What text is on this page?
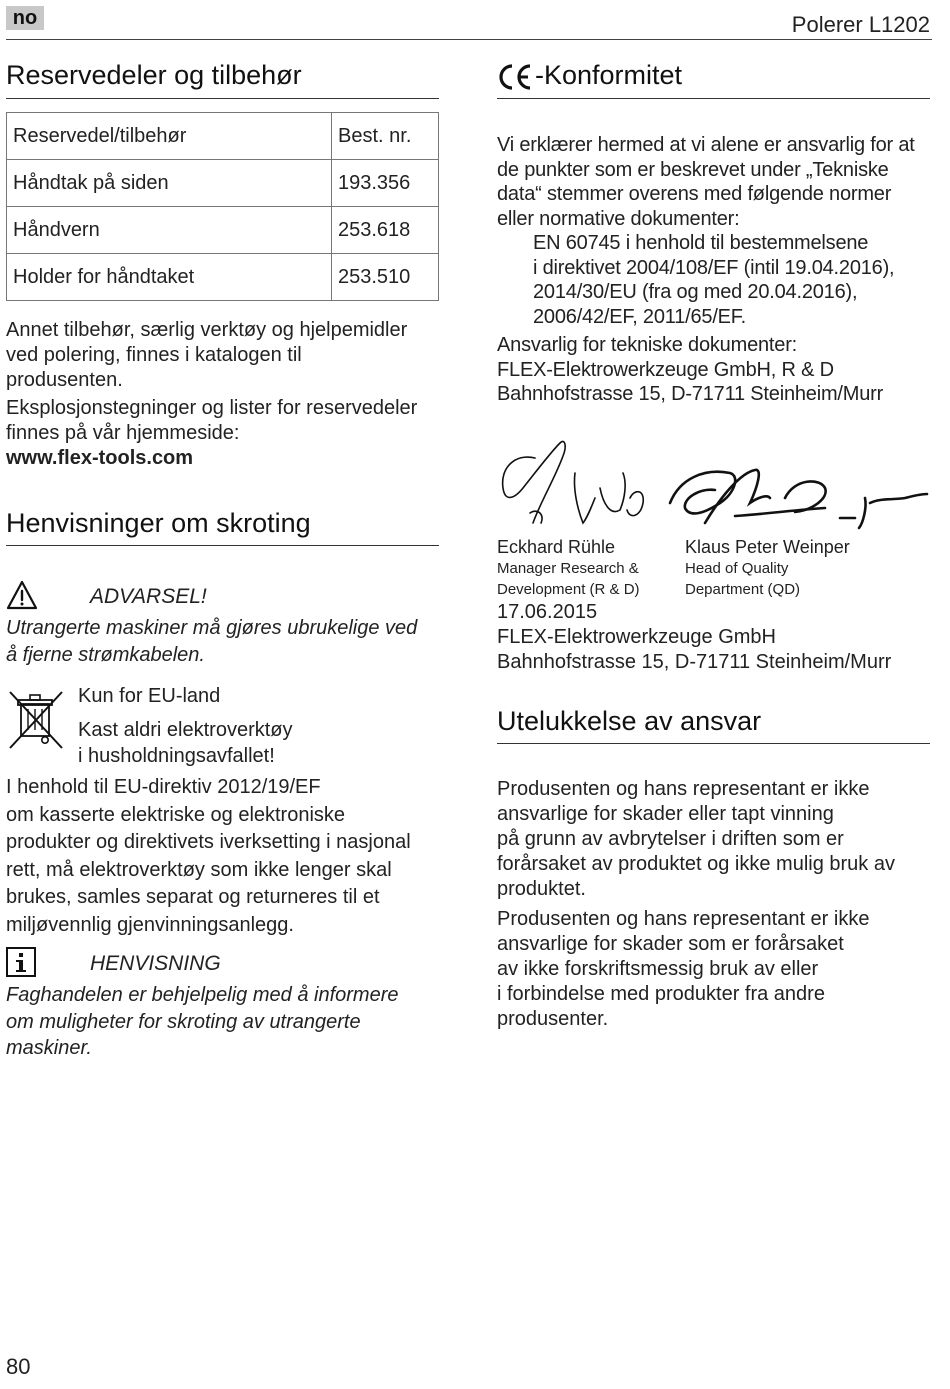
no	Polerer L1202
Reservedeler og tilbehør
Reservedel/tilbehør	Best. nr.
Håndtak på siden	193.356
Håndvern	253.618
Holder for håndtaket	253.510
Annet tilbehør, særlig verktøy og hjelpemidler
ved polering, finnes i katalogen til
produsenten.
Eksplosjonstegninger og lister for reservedeler
finnes på vår hjemmeside:
www.flex-tools.com
Henvisninger om skroting
ADVARSEL!
Utrangerte maskiner må gjøres ubrukelige ved
å fjerne strømkabelen.
Kun for EU-land
Kast aldri elektroverktøy
i husholdningsavfallet!
I henhold til EU-direktiv 2012/19/EF
om kasserte elektriske og elektroniske
produkter og direktivets iverksetting i nasjonal
rett, må elektroverktøy som ikke lenger skal
brukes, samles separat og returneres til et
miljøvennlig gjenvinningsanlegg.
HENVISNING
Faghandelen er behjelpelig med å informere
om muligheter for skroting av utrangerte
maskiner.
-Konformitet
Vi erklærer hermed at vi alene er ansvarlig for at
de punkter som er beskrevet under „Tekniske
data“ stemmer overens med følgende normer
eller normative dokumenter:
EN 60745 i henhold til bestemmelsene
i direktivet 2004/108/EF (intil 19.04.2016),
2014/30/EU (fra og med 20.04.2016),
2006/42/EF, 2011/65/EF.
Ansvarlig for tekniske dokumenter:
FLEX-Elektrowerkzeuge GmbH, R & D
Bahnhofstrasse 15, D-71711 Steinheim/Murr
Eckhard Rühle
Manager Research &
Development (R & D)
Klaus Peter Weinper
Head of Quality
Department (QD)
17.06.2015
FLEX-Elektrowerkzeuge GmbH
Bahnhofstrasse 15, D-71711 Steinheim/Murr
Utelukkelse av ansvar
Produsenten og hans representant er ikke
ansvarlige for skader eller tapt vinning
på grunn av avbrytelser i driften som er
forårsaket av produktet og ikke mulig bruk av
produktet.
Produsenten og hans representant er ikke
ansvarlige for skader som er forårsaket
av ikke forskriftsmessig bruk av eller
i forbindelse med produkter fra andre
produsenter.
80
